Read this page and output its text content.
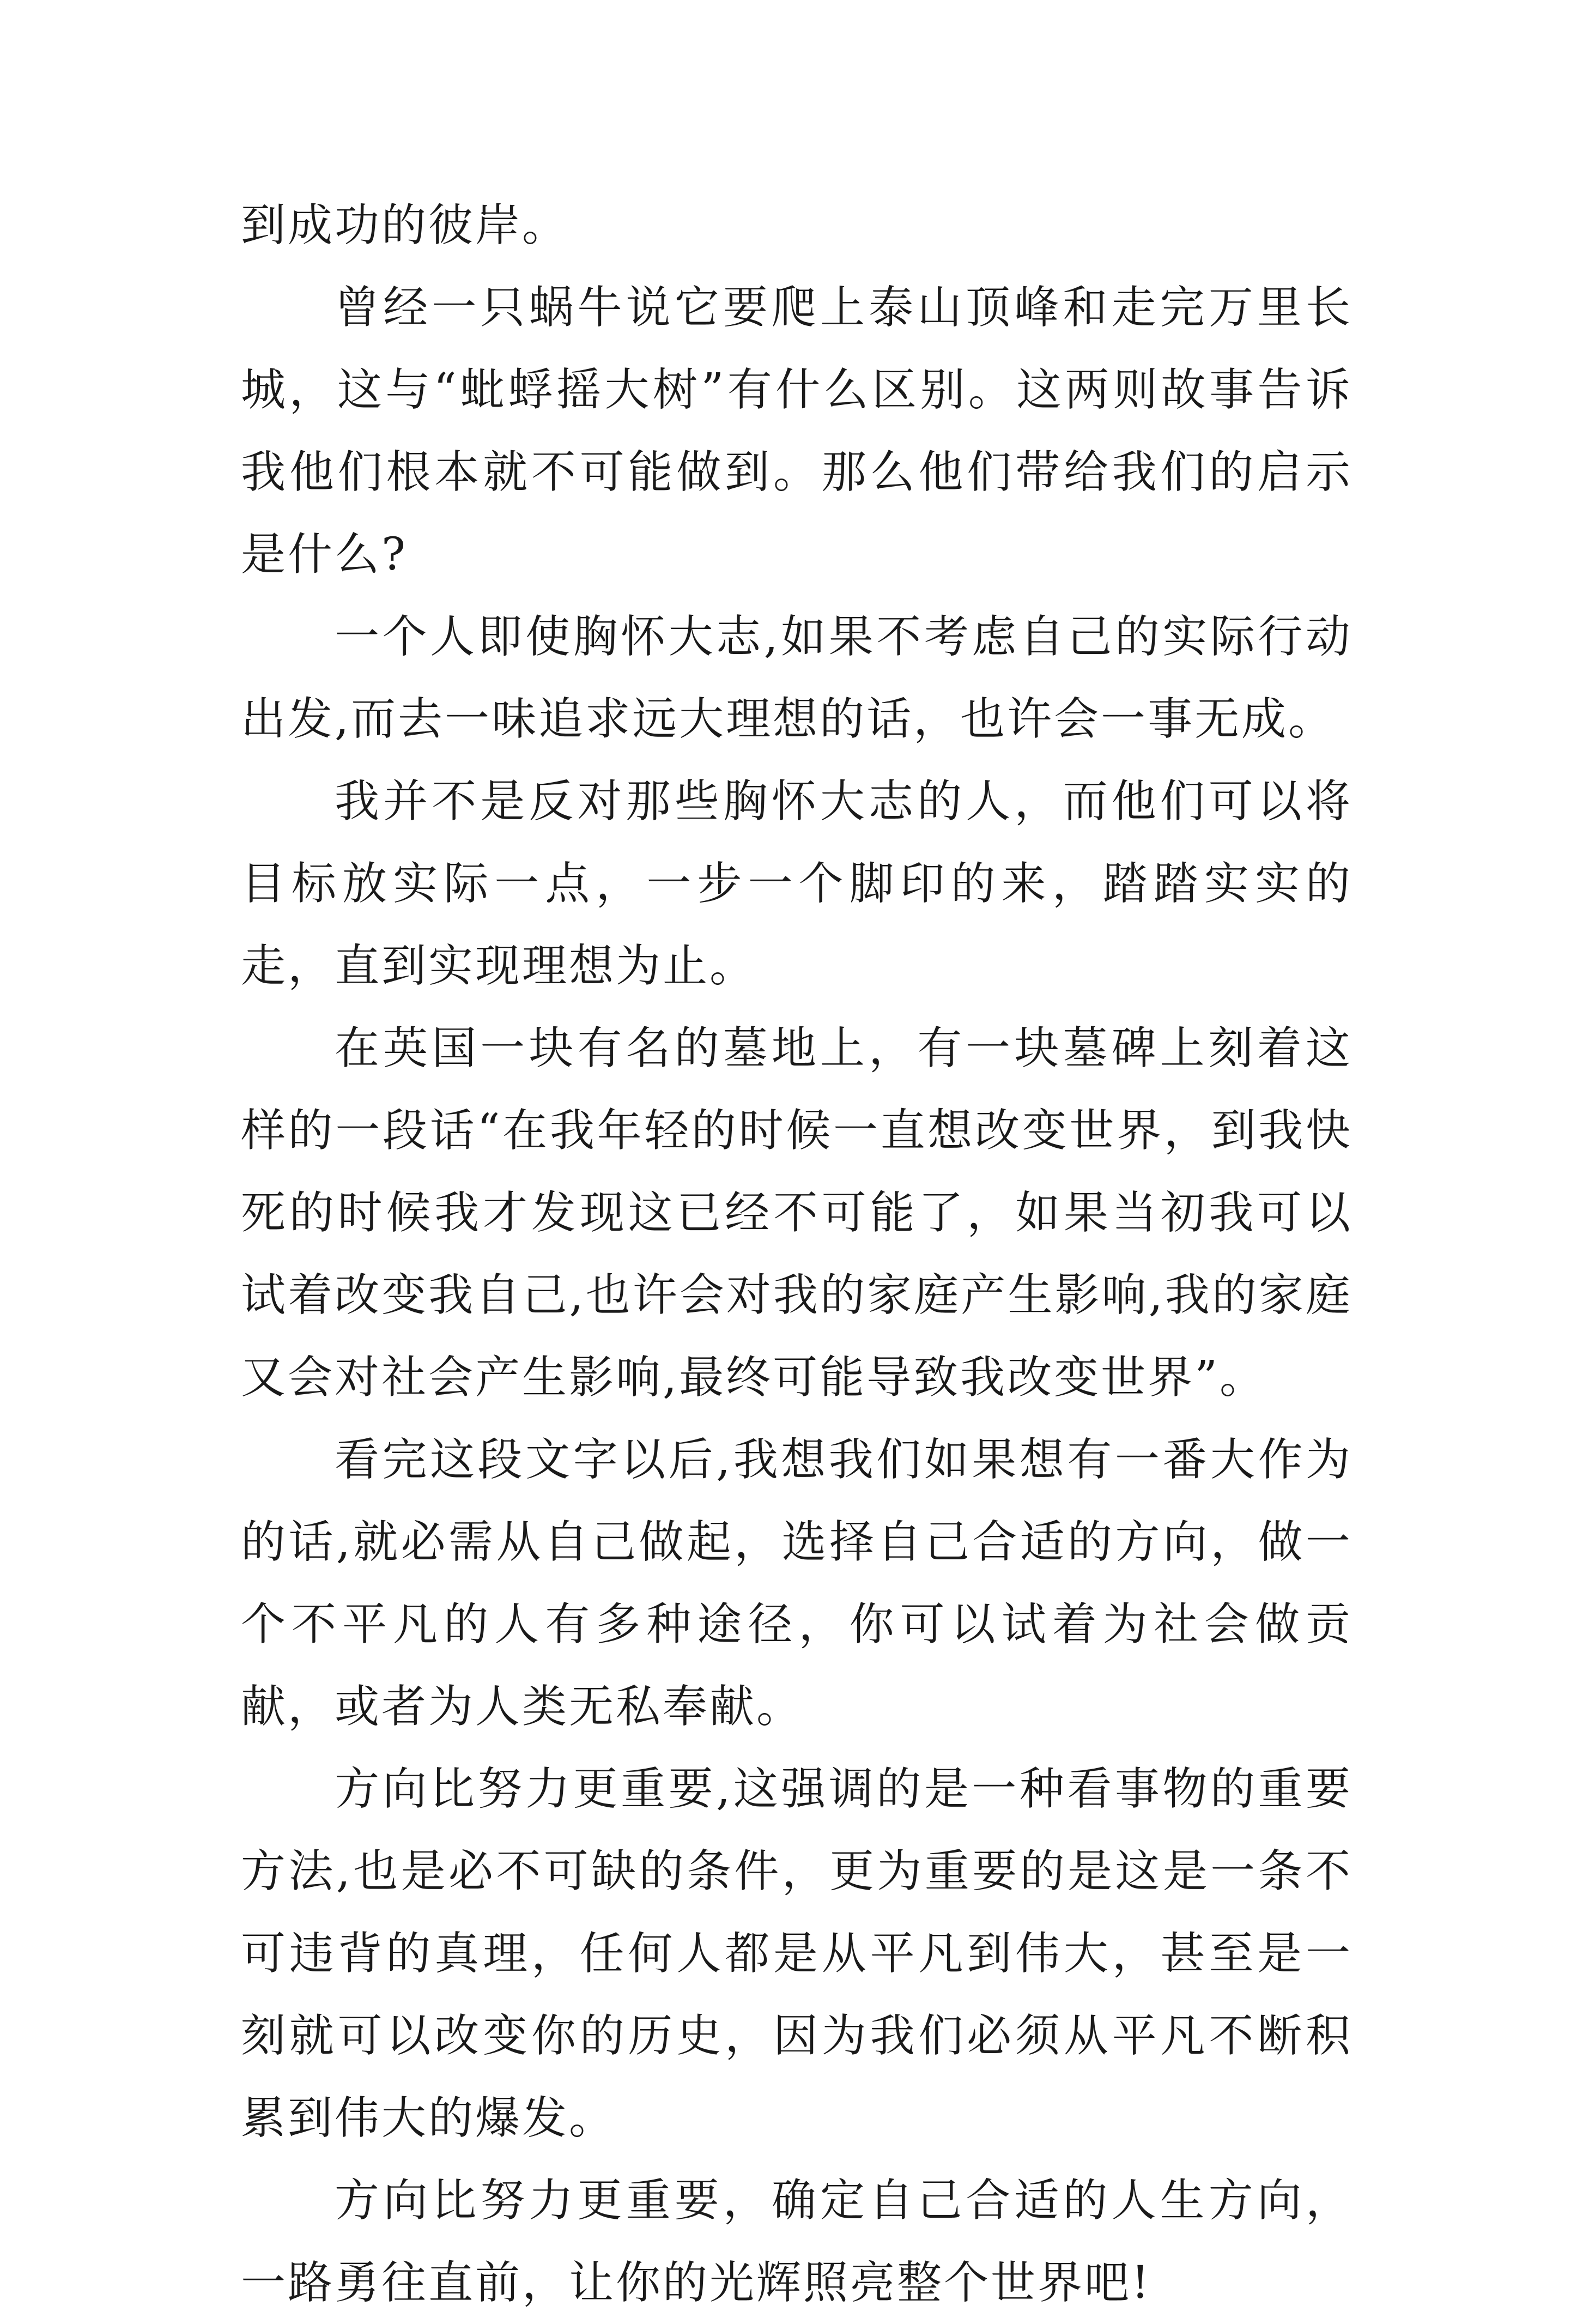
到成功的彼岸。

曾经一只蜗牛说它要爬上泰山顶峰和走完万里长城，这与“蚍蜉摇大树”有什么区别。这两则故事告诉我他们根本就不可能做到。那么他们带给我们的启示是什么?

一个人即使胸怀大志,如果不考虑自己的实际行动出发,而去一味追求远大理想的话，也许会一事无成。

我并不是反对那些胸怀大志的人，而他们可以将目标放实际一点，一步一个脚印的来，踏踏实实的走，直到实现理想为止。

在英国一块有名的墓地上，有一块墓碑上刻着这样的一段话“在我年轻的时候一直想改变世界，到我快死的时候我才发现这已经不可能了，如果当初我可以试着改变我自己,也许会对我的家庭产生影响,我的家庭又会对社会产生影响,最终可能导致我改变世界”。

看完这段文字以后,我想我们如果想有一番大作为的话,就必需从自己做起，选择自己合适的方向，做一个不平凡的人有多种途径，你可以试着为社会做贡献，或者为人类无私奉献。

方向比努力更重要,这强调的是一种看事物的重要方法,也是必不可缺的条件，更为重要的是这是一条不可违背的真理，任何人都是从平凡到伟大，甚至是一刻就可以改变你的历史，因为我们必须从平凡不断积累到伟大的爆发。

方向比努力更重要，确定自己合适的人生方向，一路勇往直前，让你的光辉照亮整个世界吧!
